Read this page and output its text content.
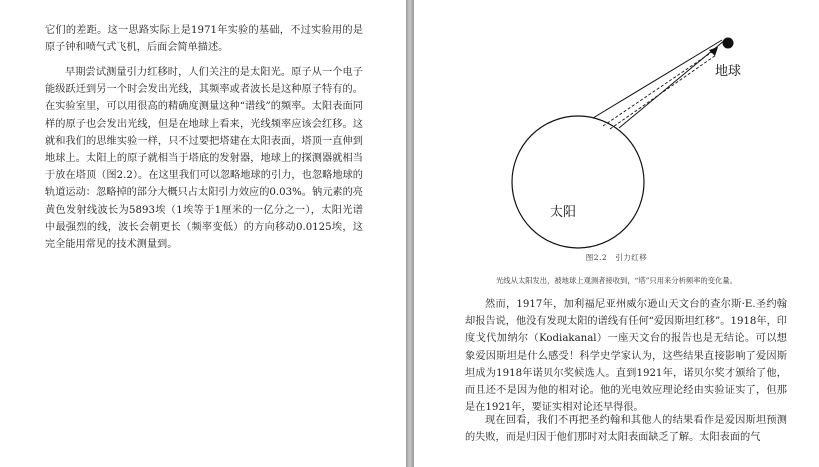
它们的差距。这一思路实际上是1971年实验的基础，不过实验用的是原子钟和喷气式飞机，后面会简单描述。

早期尝试测量引力红移时，人们关注的是太阳光。原子从一个电子能级跃迁到另一个时会发出光线，其频率或者波长是这种原子特有的。在实验室里，可以用很高的精确度测量这种“谱线”的频率。太阳表面同样的原子也会发出光线，但是在地球上看来，光线频率应该会红移。这就和我们的思维实验一样，只不过要把塔建在太阳表面，塔顶一直伸到地球上。太阳上的原子就相当于塔底的发射器，地球上的探测器就相当于放在塔顶（图2.2）。在这里我们可以忽略地球的引力，也忽略地球的轨道运动：忽略掉的部分大概只占太阳引力效应的0.03%。钠元素的亮黄色发射线波长为5893埃（1埃等于1厘米的一亿分之一），太阳光谱中最强烈的线，波长会朝更长（频率变低）的方向移动0.0125埃，这完全能用常见的技术测量到。

地球
太阳
图2.2　引力红移
光线从太阳发出，被地球上观测者接收到，“塔”只用来分析频率的变化量。

然而，1917年，加利福尼亚州威尔逊山天文台的查尔斯·E.圣约翰却报告说，他没有发现太阳的谱线有任何“爱因斯坦红移”。1918年，印度戈代加纳尔（Kodiakanal）一座天文台的报告也是无结论。可以想象爱因斯坦是什么感受！科学史学家认为，这些结果直接影响了爱因斯坦成为1918年诺贝尔奖候选人。直到1921年，诺贝尔奖才颁给了他，而且还不是因为他的相对论。他的光电效应理论经由实验证实了，但那是在1921年，要证实相对论还早得很。

现在回看，我们不再把圣约翰和其他人的结果看作是爱因斯坦预测的失败，而是归因于他们那时对太阳表面缺乏了解。太阳表面的气
